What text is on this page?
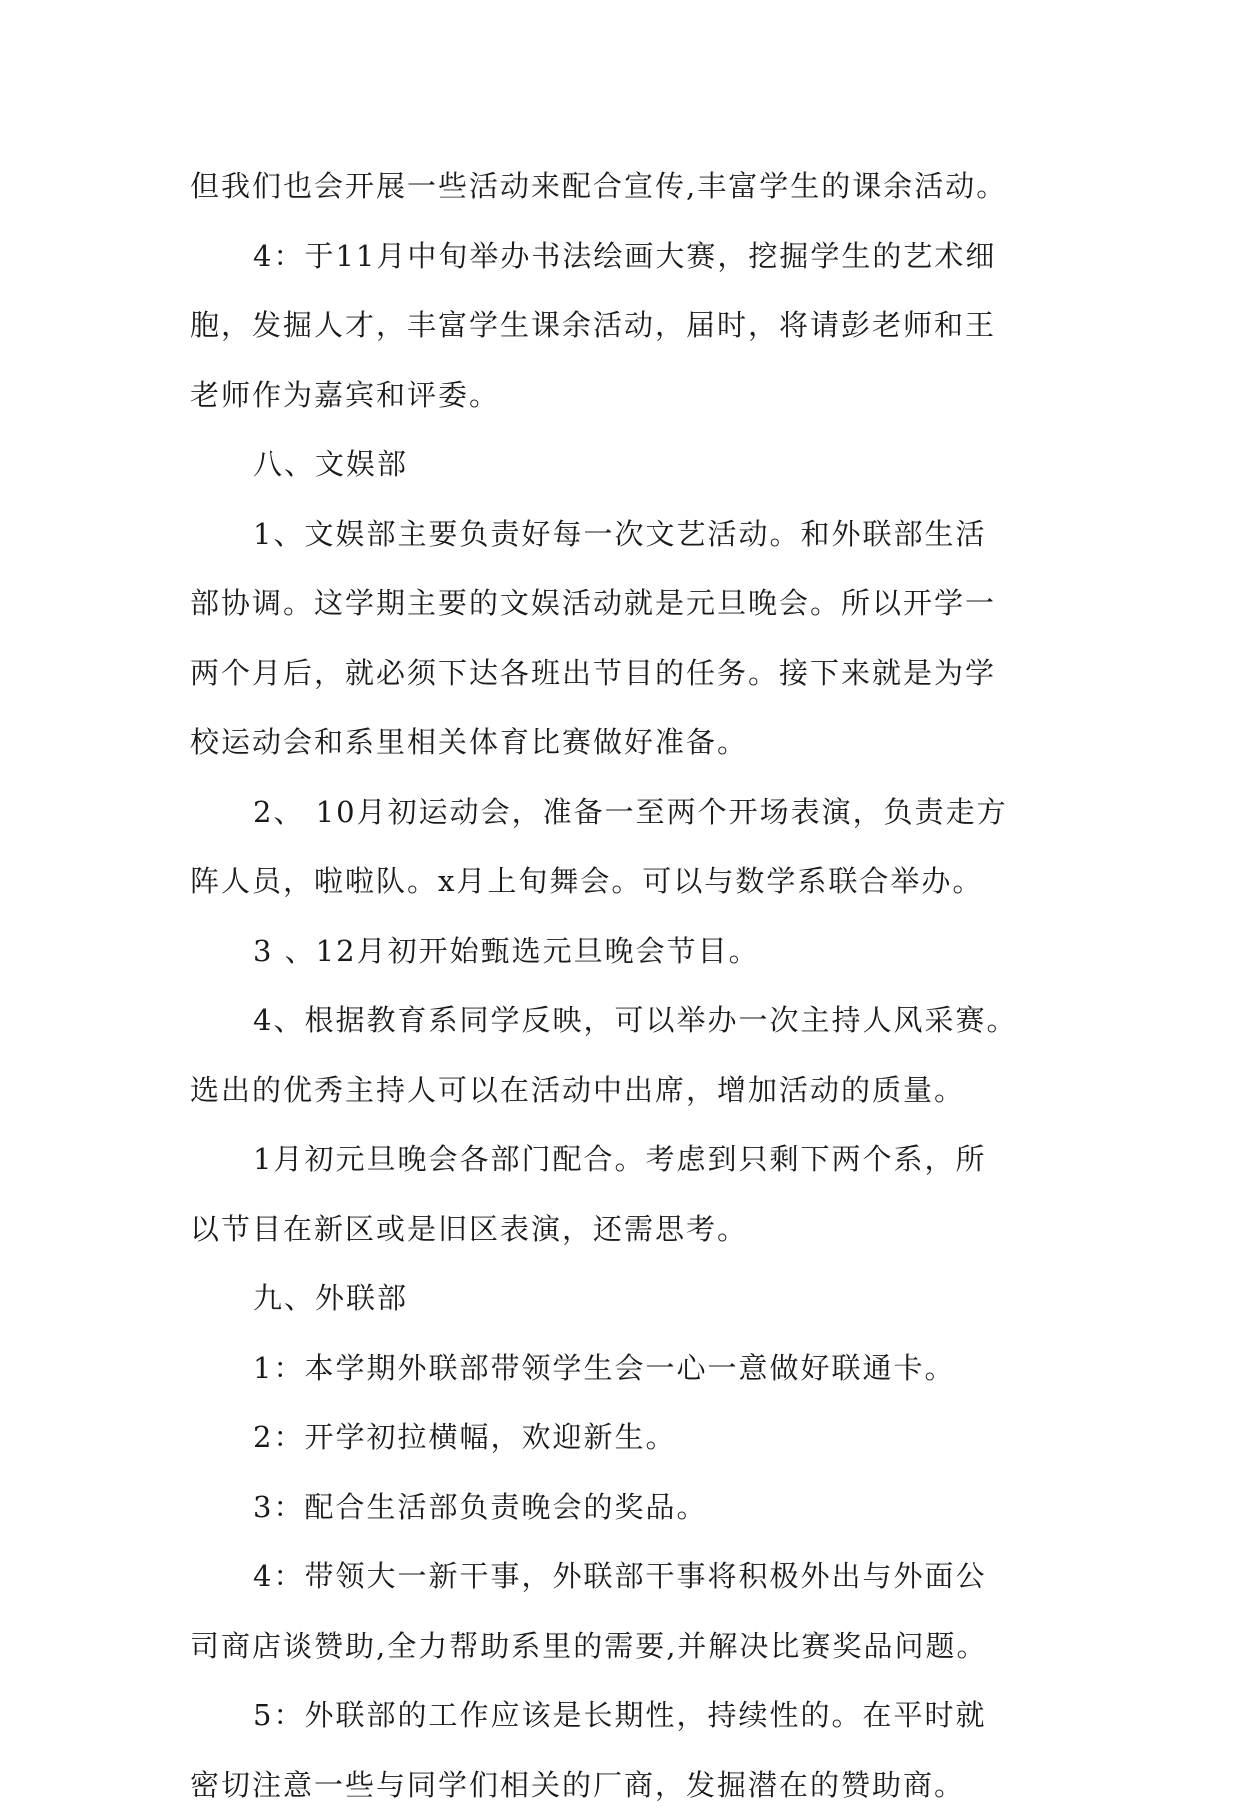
但我们也会开展一些活动来配合宣传,丰富学生的课余活动。
4：于11月中旬举办书法绘画大赛，挖掘学生的艺术细
胞，发掘人才，丰富学生课余活动，届时，将请彭老师和王
老师作为嘉宾和评委。
八、文娱部
1、文娱部主要负责好每一次文艺活动。和外联部生活
部协调。这学期主要的文娱活动就是元旦晚会。所以开学一
两个月后，就必须下达各班出节目的任务。接下来就是为学
校运动会和系里相关体育比赛做好准备。
2、 10月初运动会，准备一至两个开场表演，负责走方
阵人员，啦啦队。x月上旬舞会。可以与数学系联合举办。
3 、12月初开始甄选元旦晚会节目。
4、根据教育系同学反映，可以举办一次主持人风采赛。
选出的优秀主持人可以在活动中出席，增加活动的质量。
1月初元旦晚会各部门配合。考虑到只剩下两个系，所
以节目在新区或是旧区表演，还需思考。
九、外联部
1：本学期外联部带领学生会一心一意做好联通卡。
2：开学初拉横幅，欢迎新生。
3：配合生活部负责晚会的奖品。
4：带领大一新干事，外联部干事将积极外出与外面公
司商店谈赞助,全力帮助系里的需要,并解决比赛奖品问题。
5：外联部的工作应该是长期性，持续性的。在平时就
密切注意一些与同学们相关的厂商，发掘潜在的赞助商。
